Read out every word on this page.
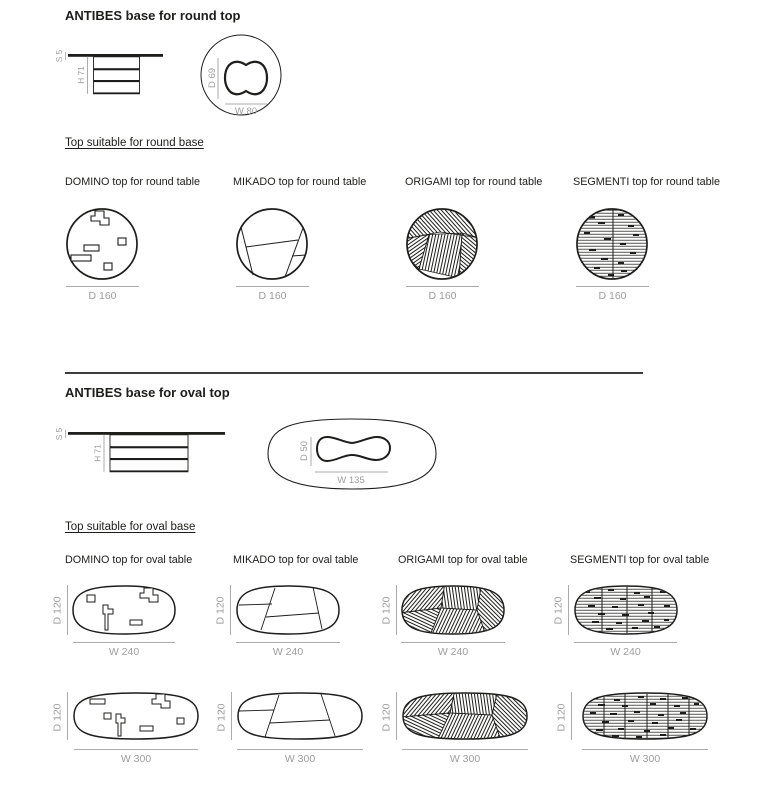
ANTIBES base for round top
S 5
H 71	D 69
W 80
Top suitable for round base
DOMINO top for round table	MIKADO top for round table	ORIGAMI top for round table	SEGMENTI top for round table
D 160	D 160	D 160	D 160
ANTIBES base for oval top
S 5
H 71	D 50
W 135
Top suitable for oval base
DOMINO top for oval table	MIKADO top for oval table	ORIGAMI top for oval table	SEGMENTI top for oval table
D 120	D 120	D 120	D 120
W 240	W 240	W 240	W 240
D 120	D 120	D 120	D 120
W 300	W 300	W 300	W 300
